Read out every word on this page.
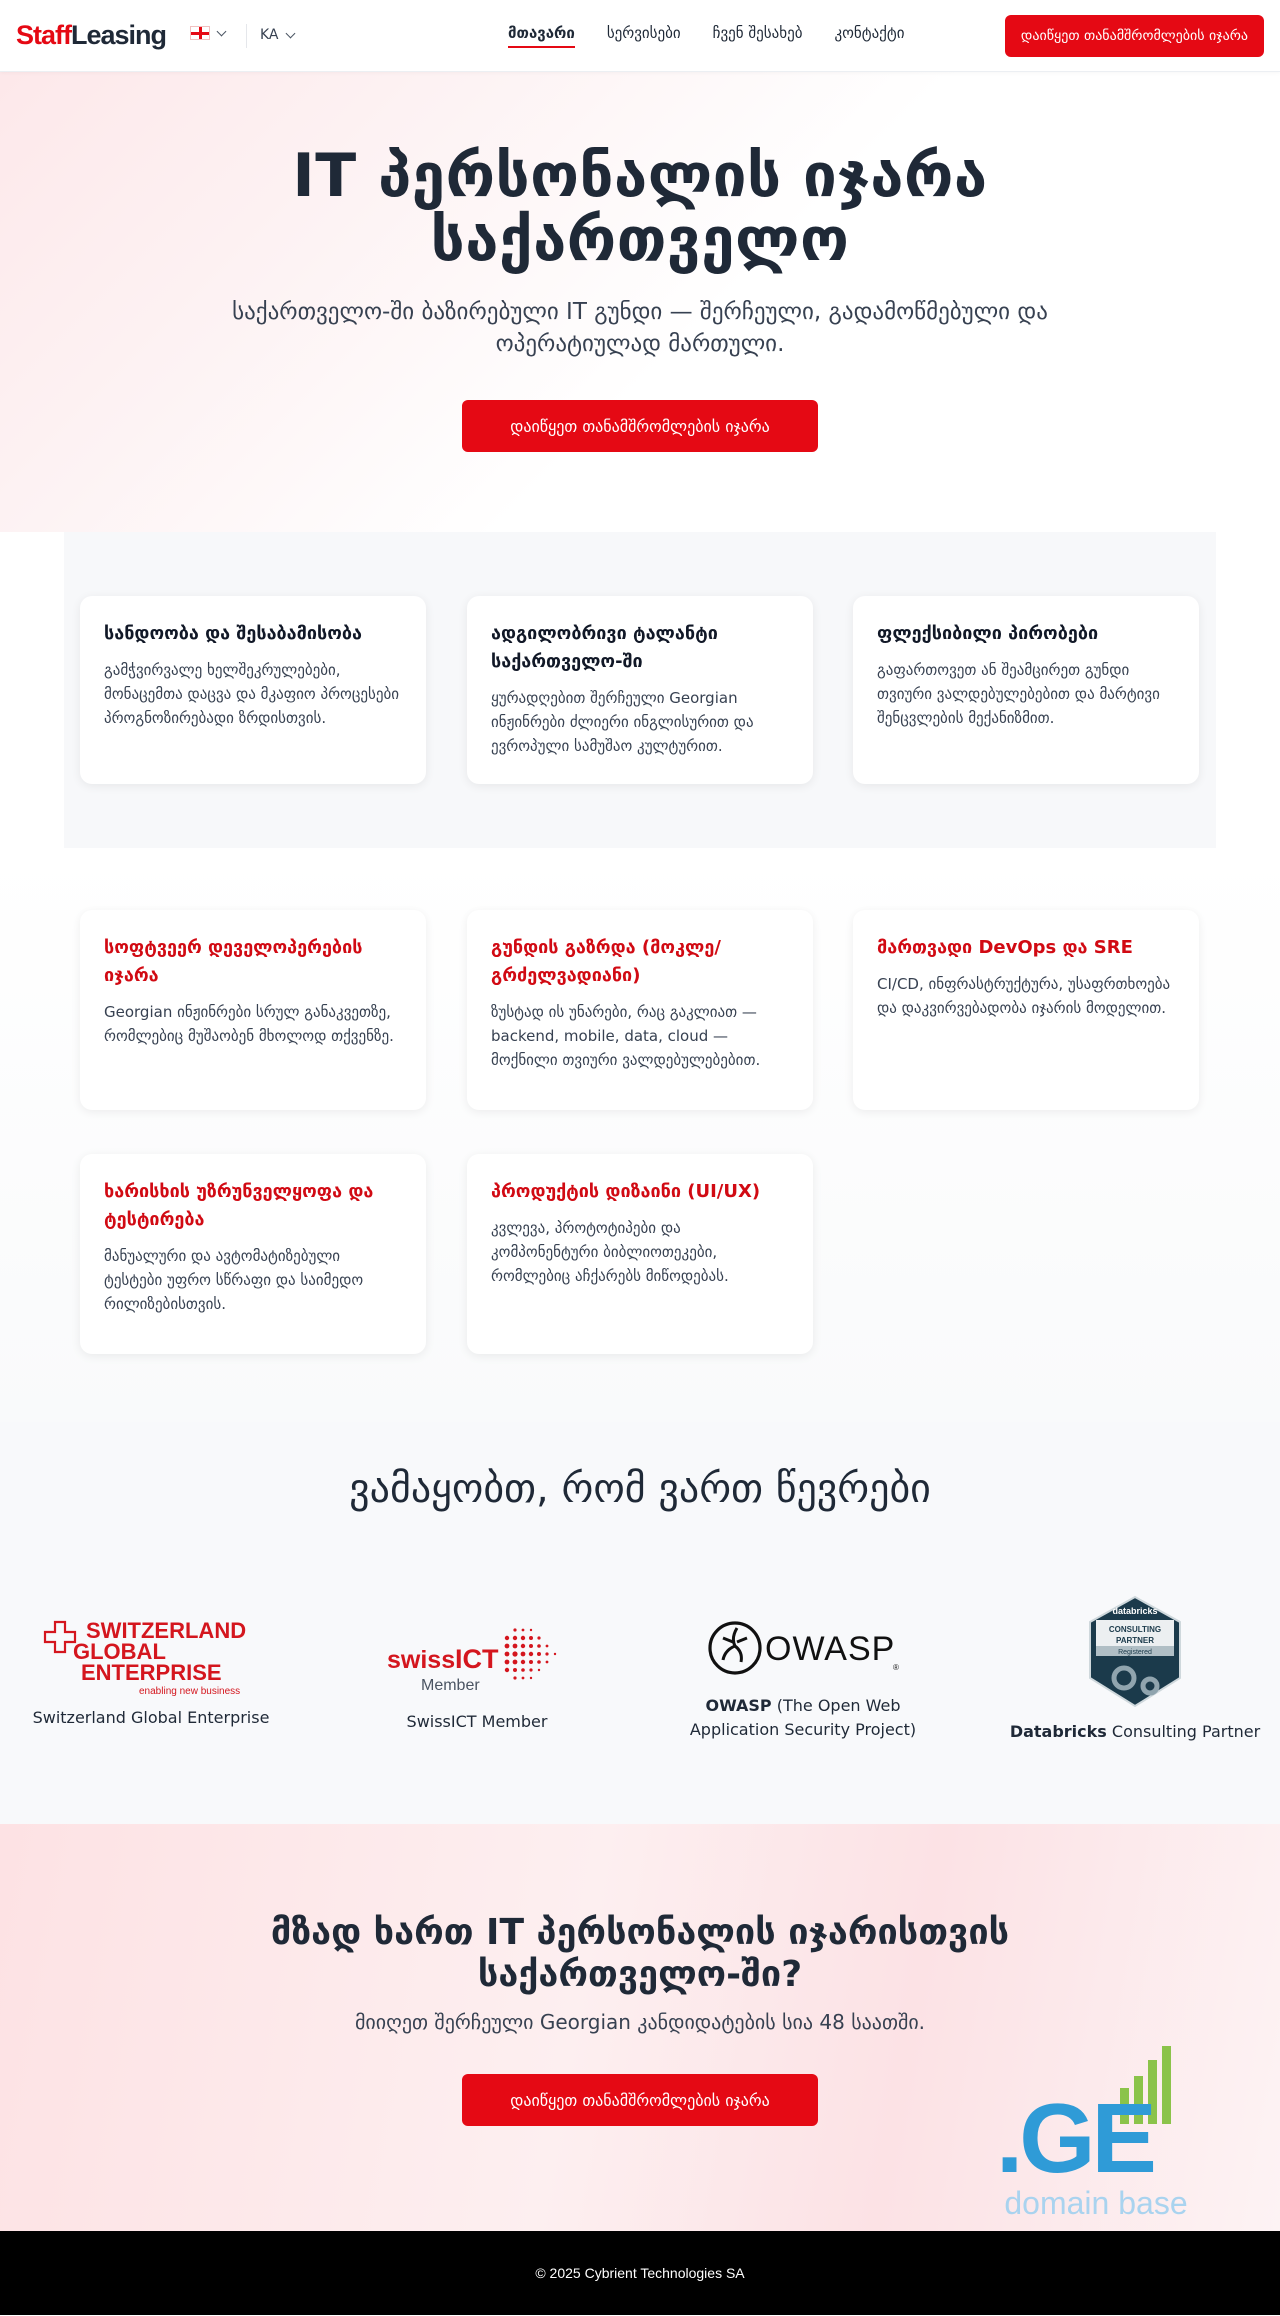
StaffLeasing	KA	მთავარი სერვისები ჩვენ შესახებ კონტაქტი	დაიწყეთ თანამშრომლების იჯარა
IT პერსონალის იჯარა
საქართველო

საქართველო-ში ბაზირებული IT გუნდი — შერჩეული, გადამოწმებული და ოპერატიულად მართული.

დაიწყეთ თანამშრომლების იჯარა
სანდოობა და შესაბამისობა

გამჭვირვალე ხელშეკრულებები, მონაცემთა დაცვა და მკაფიო პროცესები პროგნოზირებადი ზრდისთვის.

ადგილობრივი ტალანტი საქართველო-ში

ყურადღებით შერჩეული Georgian ინჟინრები ძლიერი ინგლისურით და ევროპული სამუშაო კულტურით.

ფლექსიბილი პირობები

გაფართოვეთ ან შეამცირეთ გუნდი თვიური ვალდებულებებით და მარტივი შენცვლების მექანიზმით.

სოფტვეერ დეველოპერების იჯარა

Georgian ინჟინრები სრულ განაკვეთზე, რომლებიც მუშაობენ მხოლოდ თქვენზე.

გუნდის გაზრდა (მოკლე/ გრძელვადიანი)

ზუსტად ის უნარები, რაც გაკლიათ — backend, mobile, data, cloud — მოქნილი თვიური ვალდებულებებით.

მართვადი DevOps და SRE

CI/CD, ინფრასტრუქტურა, უსაფრთხოება და დაკვირვებადობა იჯარის მოდელით.

ხარისხის უზრუნველყოფა და ტესტირება

მანუალური და ავტომატიზებული ტესტები უფრო სწრაფი და საიმედო რილიზებისთვის.

პროდუქტის დიზაინი (UI/UX)

კვლევა, პროტოტიპები და კომპონენტური ბიბლიოთეკები, რომლებიც აჩქარებს მიწოდებას.

ვამაყობთ, რომ ვართ წევრები
SWITZERLAND
GLOBAL
ENTERPRISE
enabling new business
Switzerland Global Enterprise
swiss ICT
Member
SwissICT Member
OWASP
®
OWASP (The Open Web Application Security Project)
databricks
CONSULTING
PARTNER
Registered
Databricks Consulting Partner
მზად ხართ IT პერსონალის იჯარისთვის
საქართველო-ში?

მიიღეთ შერჩეული Georgian კანდიდატების სია 48 საათში.

დაიწყეთ თანამშრომლების იჯარა .GE
domain base
© 2025 Cybrient Technologies SA
